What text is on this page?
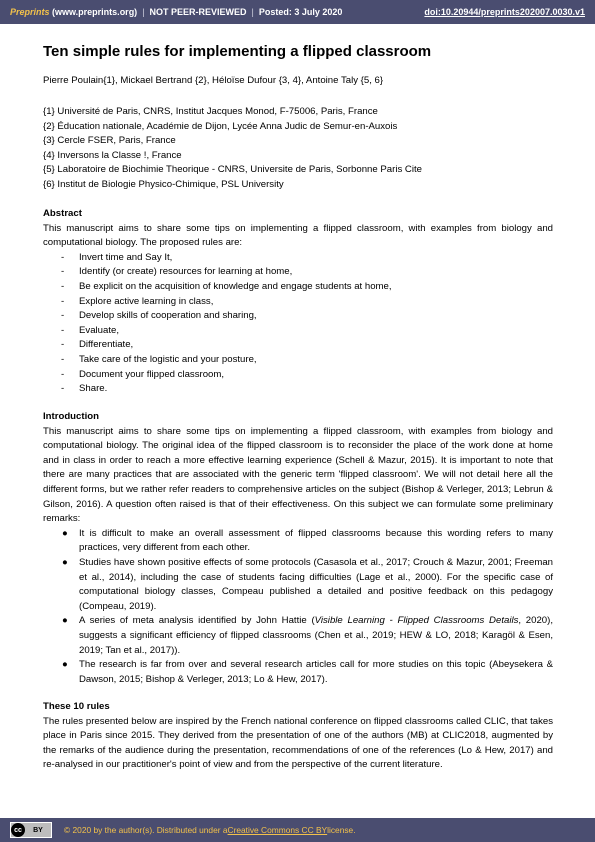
Preprints (www.preprints.org) | NOT PEER-REVIEWED | Posted: 3 July 2020	doi:10.20944/preprints202007.0030.v1
Ten simple rules for implementing a flipped classroom
Pierre Poulain{1}, Mickael Bertrand {2}, Héloïse Dufour {3, 4}, Antoine Taly {5, 6}
{1} Université de Paris, CNRS, Institut Jacques Monod, F-75006, Paris, France
{2} Éducation nationale, Académie de Dijon, Lycée Anna Judic de Semur-en-Auxois
{3} Cercle FSER, Paris, France
{4} Inversons la Classe !, France
{5} Laboratoire de Biochimie Theorique - CNRS, Universite de Paris, Sorbonne Paris Cite
{6} Institut de Biologie Physico-Chimique, PSL University
Abstract

This manuscript aims to share some tips on implementing a flipped classroom, with examples from biology and computational biology. The proposed rules are:

- Invert time and Say It,
- Identify (or create) resources for learning at home,
- Be explicit on the acquisition of knowledge and engage students at home,
- Explore active learning in class,
- Develop skills of cooperation and sharing,
- Evaluate,
- Differentiate,
- Take care of the logistic and your posture,
- Document your flipped classroom,
- Share.
Introduction

This manuscript aims to share some tips on implementing a flipped classroom, with examples from biology and computational biology. The original idea of the flipped classroom is to reconsider the place of the work done at home and in class in order to reach a more effective learning experience (Schell & Mazur, 2015). It is important to note that there are many practices that are associated with the generic term 'flipped classroom'. We will not detail here all the different forms, but we rather refer readers to comprehensive articles on the subject (Bishop & Verleger, 2013; Lebrun & Gilson, 2016). A question often raised is that of their effectiveness. On this subject we can formulate some preliminary remarks:

● It is difficult to make an overall assessment of flipped classrooms because this wording refers to many practices, very different from each other.
● Studies have shown positive effects of some protocols (Casasola et al., 2017; Crouch & Mazur, 2001; Freeman et al., 2014), including the case of students facing difficulties (Lage et al., 2000). For the specific case of computational biology classes, Compeau published a detailed and positive feedback on this pedagogy (Compeau, 2019).
● A series of meta analysis identified by John Hattie (Visible Learning - Flipped Classrooms Details, 2020), suggests a significant efficiency of flipped classrooms (Chen et al., 2019; HEW & LO, 2018; Karagöl & Esen, 2019; Tan et al., 2017)).
● The research is far from over and several research articles call for more studies on this topic (Abeysekera & Dawson, 2015; Bishop & Verleger, 2013; Lo & Hew, 2017).
These 10 rules

The rules presented below are inspired by the French national conference on flipped classrooms called CLIC, that takes place in Paris since 2015. They derived from the presentation of one of the authors (MB) at CLIC2018, augmented by the remarks of the audience during the presentation, recommendations of one of the references (Lo & Hew, 2017) and re-analysed in our practitioner's point of view and from the perspective of the current literature.

cc	BY	© 2020 by the author(s). Distributed under a Creative Commons CC BY license.
